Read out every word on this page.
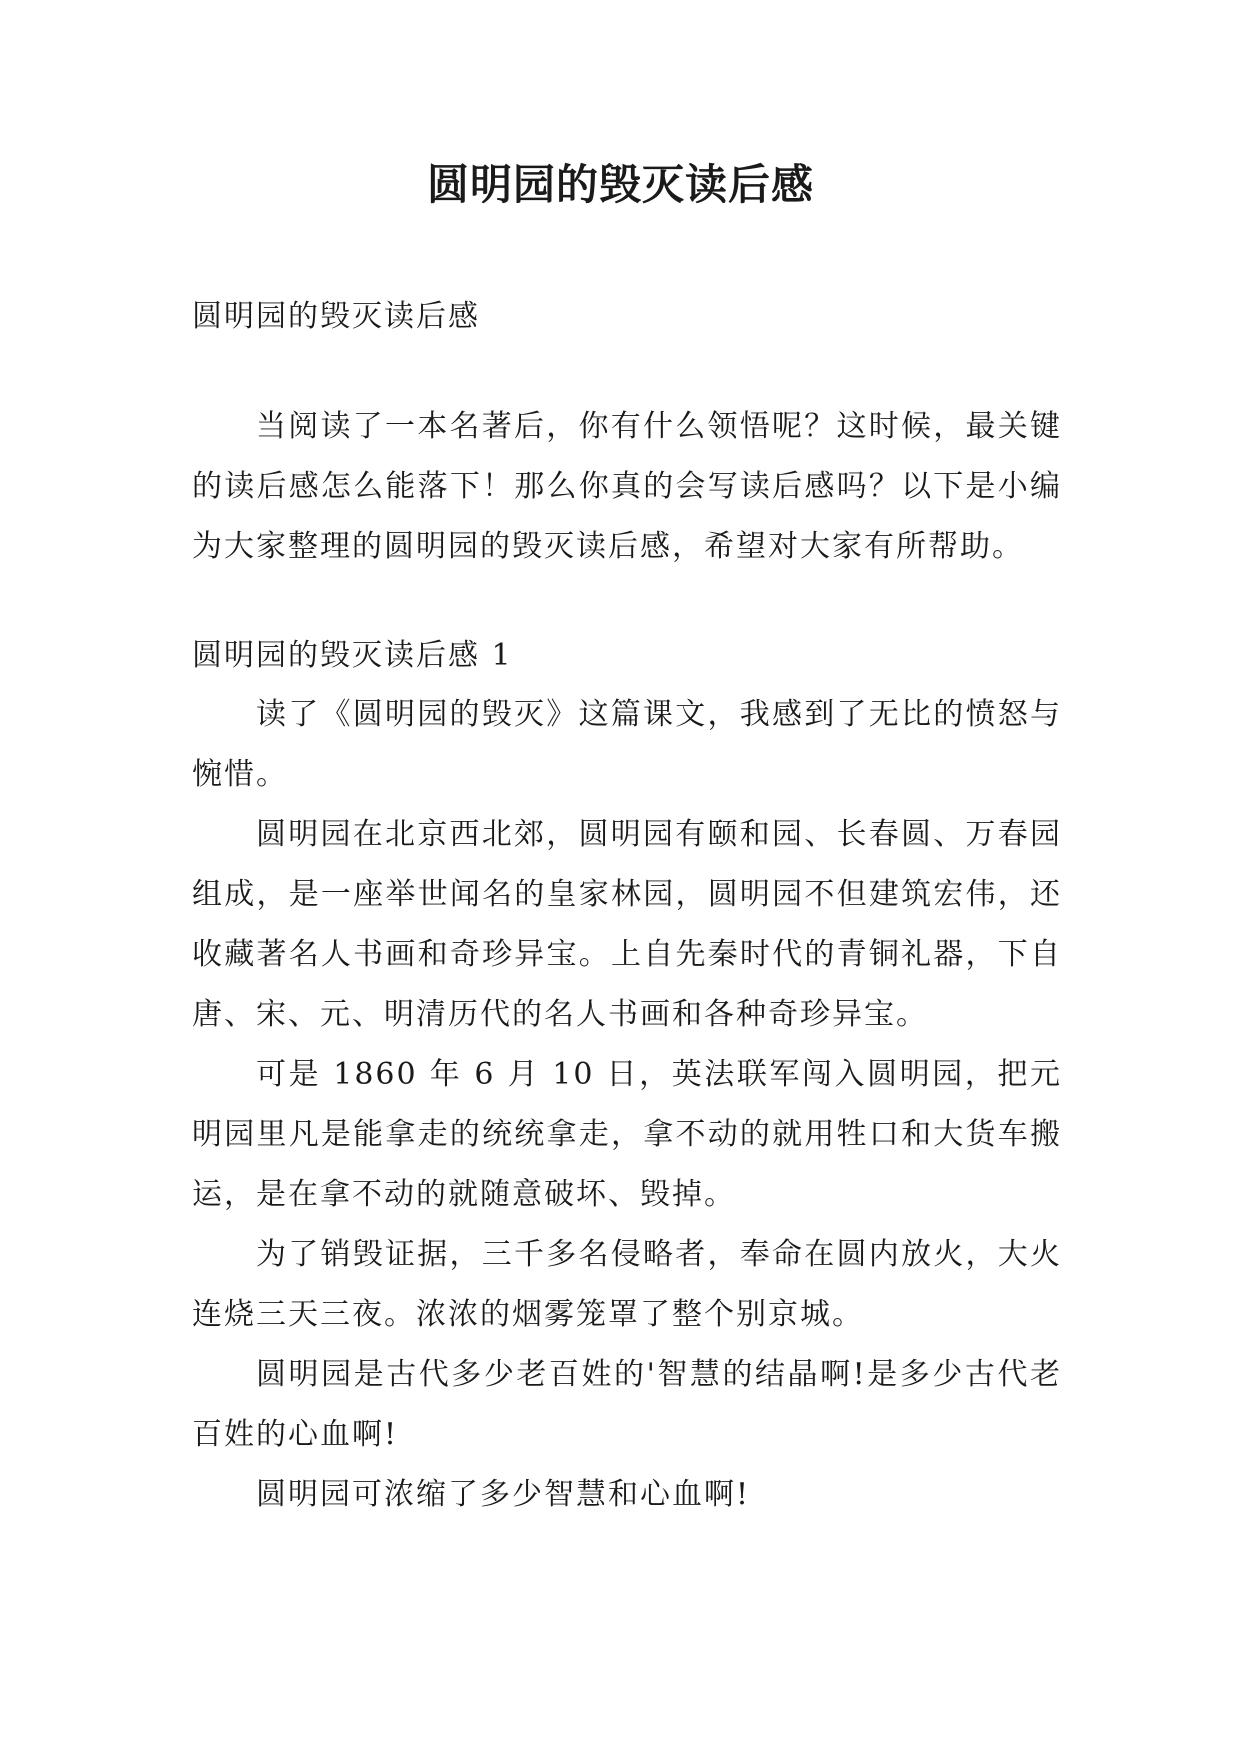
圆明园的毁灭读后感

圆明园的毁灭读后感

当阅读了一本名著后，你有什么领悟呢？这时候，最关键的读后感怎么能落下！那么你真的会写读后感吗？以下是小编为大家整理的圆明园的毁灭读后感，希望对大家有所帮助。

圆明园的毁灭读后感 1

读了《圆明园的毁灭》这篇课文，我感到了无比的愤怒与惋惜。

圆明园在北京西北郊，圆明园有颐和园、长春圆、万春园组成，是一座举世闻名的皇家林园，圆明园不但建筑宏伟，还收藏著名人书画和奇珍异宝。上自先秦时代的青铜礼器，下自唐、宋、元、明清历代的名人书画和各种奇珍异宝。

可是 1860 年 6 月 10 日，英法联军闯入圆明园，把元明园里凡是能拿走的统统拿走，拿不动的就用牲口和大货车搬运，是在拿不动的就随意破坏、毁掉。

为了销毁证据，三千多名侵略者，奉命在圆内放火，大火连烧三天三夜。浓浓的烟雾笼罩了整个别京城。

圆明园是古代多少老百姓的'智慧的结晶啊!是多少古代老百姓的心血啊!

圆明园可浓缩了多少智慧和心血啊!
